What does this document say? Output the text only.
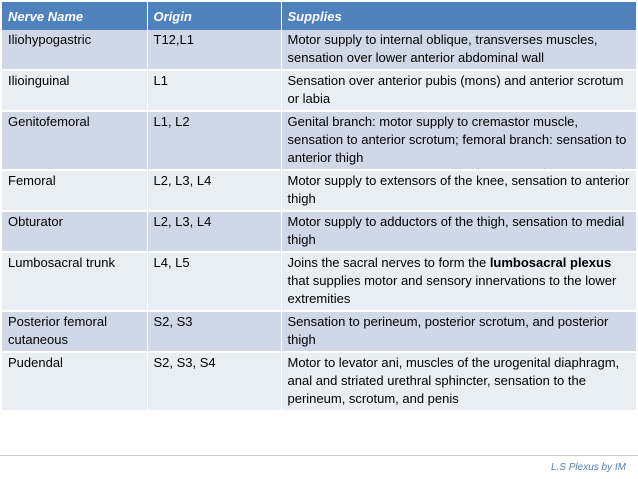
Nerve Name	Origin	Supplies
Iliohypogastric	T12,L1	Motor supply to internal oblique, transverses muscles, sensation over lower anterior abdominal wall
Ilioinguinal	L1	Sensation over anterior pubis (mons) and anterior scrotum or labia
Genitofemoral	L1, L2	Genital branch: motor supply to cremastor muscle, sensation to anterior scrotum; femoral branch: sensation to anterior thigh
Femoral	L2, L3, L4	Motor supply to extensors of the knee, sensation to anterior thigh
Obturator	L2, L3, L4	Motor supply to adductors of the thigh, sensation to medial thigh
Lumbosacral trunk	L4, L5	Joins the sacral nerves to form the lumbosacral plexus that supplies motor and sensory innervations to the lower extremities
Posterior femoral cutaneous	S2, S3	Sensation to perineum, posterior scrotum, and posterior thigh
Pudendal	S2, S3, S4	Motor to levator ani, muscles of the urogenital diaphragm, anal and striated urethral sphincter, sensation to the perineum, scrotum, and penis
L.S Plexus by IM
